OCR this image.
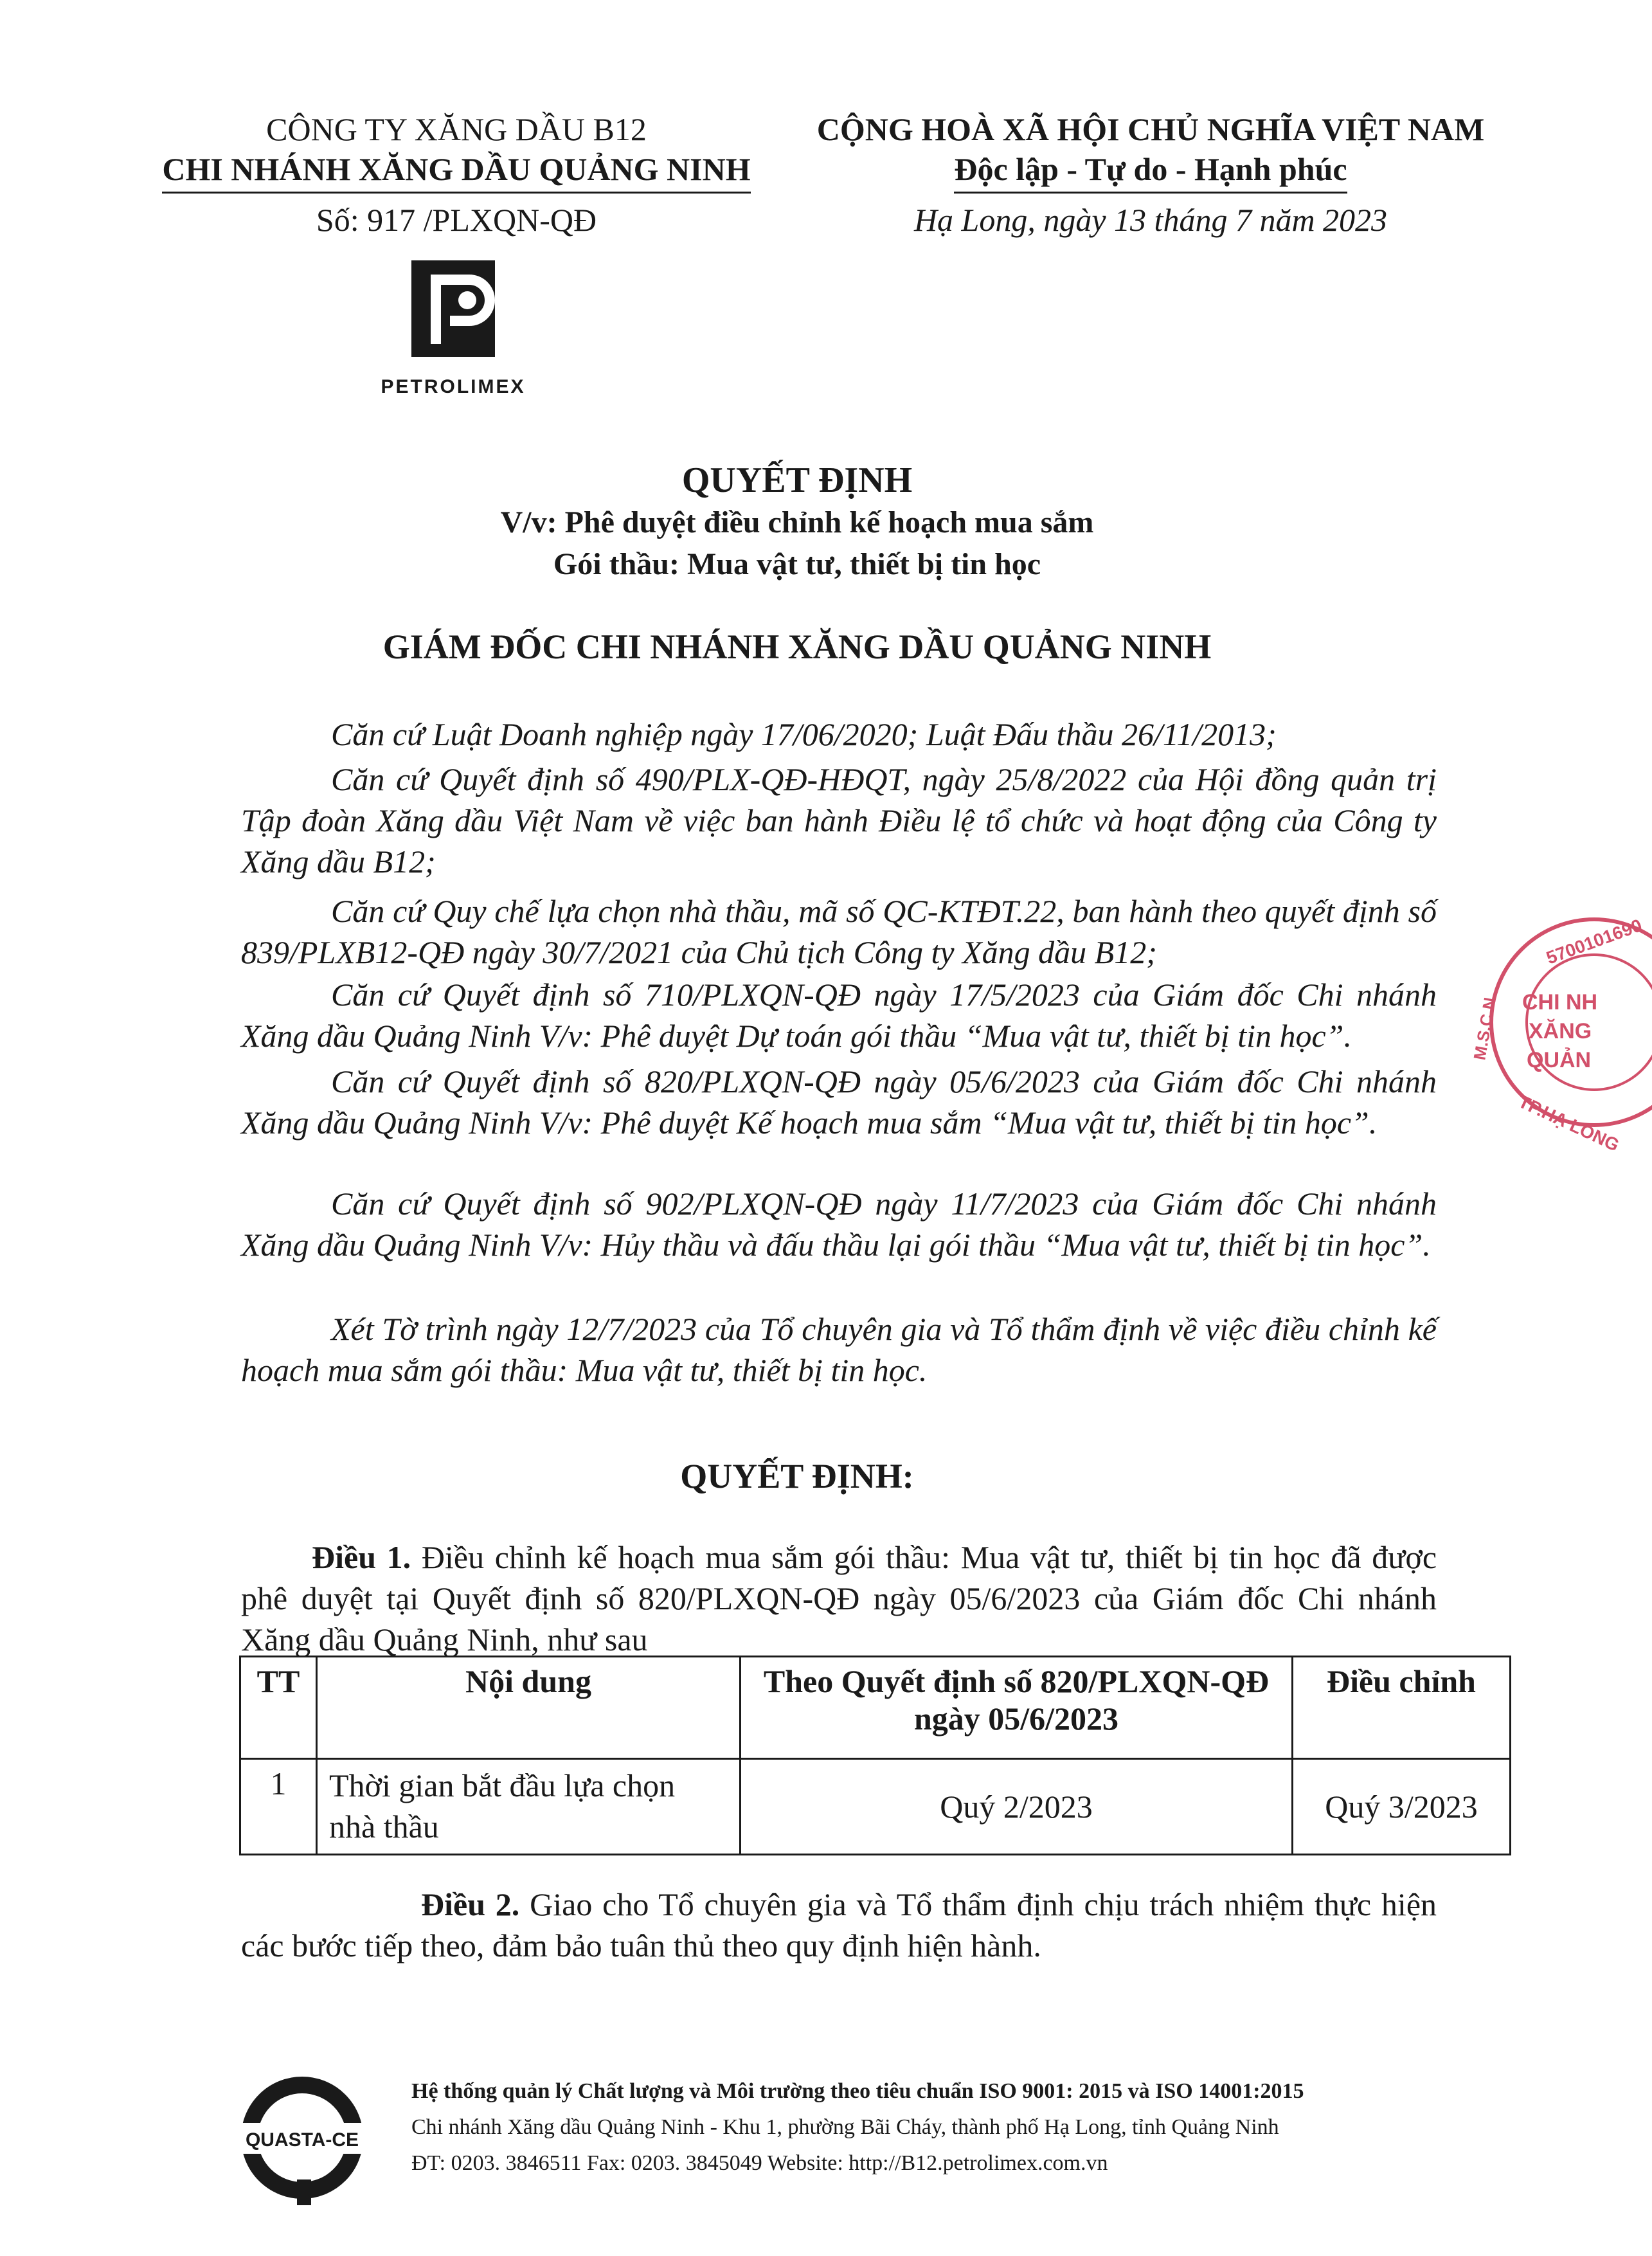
CÔNG TY XĂNG DẦU B12
CHI NHÁNH XĂNG DẦU QUẢNG NINH
Số: 917 /PLXQN-QĐ
CỘNG HOÀ XÃ HỘI CHỦ NGHĨA VIỆT NAM
Độc lập - Tự do - Hạnh phúc
Hạ Long, ngày 13 tháng 7 năm 2023
PETROLIMEX
QUYẾT ĐỊNH
V/v: Phê duyệt điều chỉnh kế hoạch mua sắm
Gói thầu: Mua vật tư, thiết bị tin học
GIÁM ĐỐC CHI NHÁNH XĂNG DẦU QUẢNG NINH
Căn cứ Luật Doanh nghiệp ngày 17/06/2020; Luật Đấu thầu 26/11/2013;
Căn cứ Quyết định số 490/PLX-QĐ-HĐQT, ngày 25/8/2022 của Hội đồng quản trị Tập đoàn Xăng dầu Việt Nam về việc ban hành Điều lệ tổ chức và hoạt động của Công ty Xăng dầu B12;
Căn cứ Quy chế lựa chọn nhà thầu, mã số QC-KTĐT.22, ban hành theo quyết định số 839/PLXB12-QĐ ngày 30/7/2021 của Chủ tịch Công ty Xăng dầu B12;
Căn cứ Quyết định số 710/PLXQN-QĐ ngày 17/5/2023 của Giám đốc Chi nhánh Xăng dầu Quảng Ninh V/v: Phê duyệt Dự toán gói thầu “Mua vật tư, thiết bị tin học”.
Căn cứ Quyết định số 820/PLXQN-QĐ ngày 05/6/2023 của Giám đốc Chi nhánh Xăng dầu Quảng Ninh V/v: Phê duyệt Kế hoạch mua sắm “Mua vật tư, thiết bị tin học”.
Căn cứ Quyết định số 902/PLXQN-QĐ ngày 11/7/2023 của Giám đốc Chi nhánh Xăng dầu Quảng Ninh V/v: Hủy thầu và đấu thầu lại gói thầu “Mua vật tư, thiết bị tin học”.
Xét Tờ trình ngày 12/7/2023 của Tổ chuyên gia và Tổ thẩm định về việc điều chỉnh kế hoạch mua sắm gói thầu: Mua vật tư, thiết bị tin học.
QUYẾT ĐỊNH:
Điều 1. Điều chỉnh kế hoạch mua sắm gói thầu: Mua vật tư, thiết bị tin học đã được phê duyệt tại Quyết định số 820/PLXQN-QĐ ngày 05/6/2023 của Giám đốc Chi nhánh Xăng dầu Quảng Ninh, như sau
TT	Nội dung	Theo Quyết định số 820/PLXQN-QĐ ngày 05/6/2023	Điều chỉnh
1	Thời gian bắt đầu lựa chọn nhà thầu	Quý 2/2023	Quý 3/2023
Điều 2. Giao cho Tổ chuyên gia và Tổ thẩm định chịu trách nhiệm thực hiện các bước tiếp theo, đảm bảo tuân thủ theo quy định hiện hành.
QUASTA-CE
Hệ thống quản lý Chất lượng và Môi trường theo tiêu chuẩn ISO 9001: 2015 và ISO 14001:2015
Chi nhánh Xăng dầu Quảng Ninh - Khu 1, phường Bãi Cháy, thành phố Hạ Long, tỉnh Quảng Ninh
ĐT: 0203. 3846511 Fax: 0203. 3845049 Website: http://B12.petrolimex.com.vn
5700101690
CHI NH
XĂNG
QUẢN
TP.HẠ LONG
M.S.C.N
